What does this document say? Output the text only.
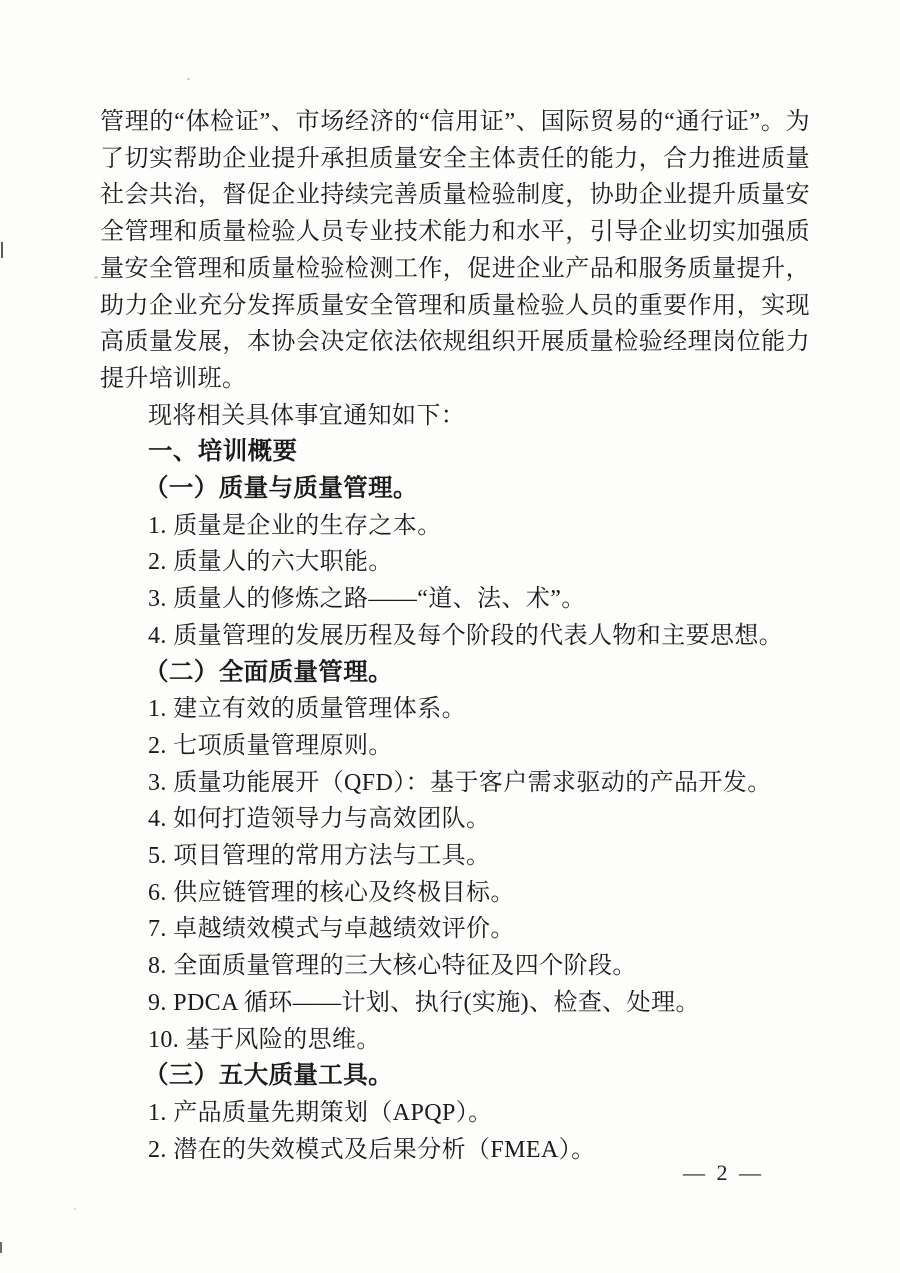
管理的“体检证”、市场经济的“信用证”、国际贸易的“通行证”。为了切实帮助企业提升承担质量安全主体责任的能力，合力推进质量社会共治，督促企业持续完善质量检验制度，协助企业提升质量安全管理和质量检验人员专业技术能力和水平，引导企业切实加强质量安全管理和质量检验检测工作，促进企业产品和服务质量提升，助力企业充分发挥质量安全管理和质量检验人员的重要作用，实现高质量发展，本协会决定依法依规组织开展质量检验经理岗位能力提升培训班。
现将相关具体事宜通知如下：
一、培训概要
（一）质量与质量管理。
1. 质量是企业的生存之本。
2. 质量人的六大职能。
3. 质量人的修炼之路——“道、法、术”。
4. 质量管理的发展历程及每个阶段的代表人物和主要思想。
（二）全面质量管理。
1. 建立有效的质量管理体系。
2. 七项质量管理原则。
3. 质量功能展开（QFD）：基于客户需求驱动的产品开发。
4. 如何打造领导力与高效团队。
5. 项目管理的常用方法与工具。
6. 供应链管理的核心及终极目标。
7. 卓越绩效模式与卓越绩效评价。
8. 全面质量管理的三大核心特征及四个阶段。
9. PDCA 循环——计划、执行(实施)、检查、处理。
10. 基于风险的思维。
（三）五大质量工具。
1. 产品质量先期策划（APQP）。
2. 潜在的失效模式及后果分析（FMEA）。
— 2 —
